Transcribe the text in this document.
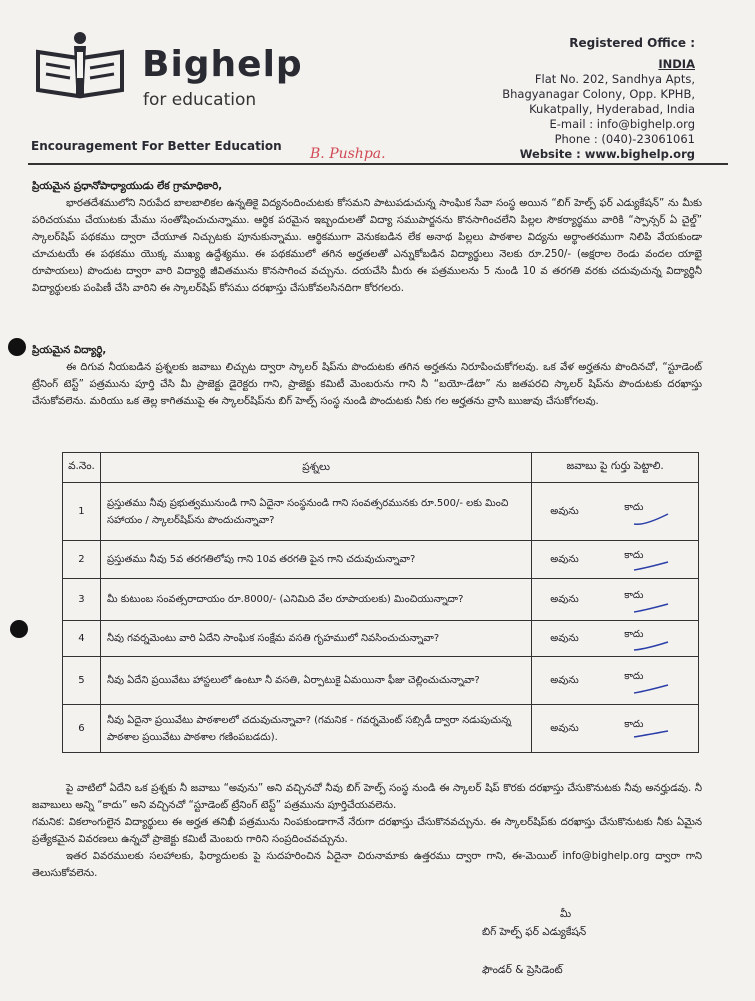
Bighelp
for education
Encouragement For Better Education B. Pushpa.
Registered Office :
INDIA
Flat No. 202, Sandhya Apts,
Bhagyanagar Colony, Opp. KPHB,
Kukatpally, Hyderabad, India
E-mail : info@bighelp.org
Phone : (040)-23061061
Website : www.bighelp.org
ప్రియమైన ప్రధానోపాధ్యాయుడు లేక గ్రామాధికారి,
భారతదేశములోని నిరుపేద బాలబాలికల ఉన్నతికై విద్యనందించుటకు కోసమని పాటుపడుచున్న సాంఘిక సేవా సంస్థ అయిన “బిగ్ హెల్ప్ ఫర్ ఎడ్యుకేషన్” ను మీకు పరిచయము చేయుటకు మేము సంతోషించుచున్నాము. ఆర్థిక పరమైన ఇబ్బందులతో విద్యా సముపార్జనను కొనసాగించలేని పిల్లల సౌకర్యార్థము వారికి “స్పాన్సర్ ఏ చైల్డ్” స్కాలర్‌షిప్ పథకము ద్వారా చేయూత నిచ్చుటకు పూనుకున్నాము. ఆర్థికముగా వెనుకబడిన లేక అనాథ పిల్లలు పాఠశాల విద్యను అర్థాంతరముగా నిలిపి వేయకుండా చూచుటయే ఈ పథకము యొక్క ముఖ్య ఉద్దేశ్యము. ఈ పథకములో తగిన అర్హతలతో ఎన్నుకోబడిన విద్యార్థులు నెలకు రూ.250/- (అక్షరాల రెండు వందల యాభై రూపాయలు) పొందుట ద్వారా వారి విద్యార్థి జీవితమును కొనసాగించ వచ్చును. దయచేసి మీరు ఈ పత్రములను 5 నుండి 10 వ తరగతి వరకు చదువుచున్న విద్యార్థినీ విద్యార్థులకు పంపిణీ చేసి వారిని ఈ స్కాలర్‌షిప్ కోసము దరఖాస్తు చేసుకోవలసినదిగా కోరగలరు.
ప్రియమైన విద్యార్థి,
ఈ దిగువ నీయబడిన ప్రశ్నలకు జవాబు లిచ్చుట ద్వారా స్కాలర్ షిప్‌ను పొందుటకు తగిన అర్హతను నిరూపించుకోగలవు. ఒక వేళ అర్హతను పొందినచో, “స్టూడెంట్ ట్రేనింగ్ టెస్ట్” పత్రమును పూర్తి చేసి మీ ప్రాజెక్టు డైరెక్టరు గాని, ప్రాజెక్టు కమిటీ మెంబరును గాని నీ “బయో-డేటా” ను జతపరచి స్కాలర్ షిప్‌ను పొందుటకు దరఖాస్తు చేసుకోవలెను. మరియు ఒక తెల్ల కాగితముపై ఈ స్కాలర్‌షిప్‌ను బిగ్ హెల్ప్ సంస్థ నుండి పొందుటకు నీకు గల అర్హతను వ్రాసి ఋజువు చేసుకోగలవు.
వ.నెం.	ప్రశ్నలు	జవాబు పై గుర్తు పెట్టాలి.
1	ప్రస్తుతము నీవు ప్రభుత్వమునుండి గాని ఏదైనా సంస్థనుండి గాని సంవత్సరమునకు రూ.500/- లకు మించి సహాయం / స్కాలర్‌షిప్‌ను పొందుచున్నావా?	అవును కాదు

2	ప్రస్తుతము నీవు 5వ తరగతిలోపు గాని 10వ తరగతి పైన గాని చదువుచున్నావా?	అవును కాదు

3	మీ కుటుంబ సంవత్సరాదాయం రూ.8000/- (ఎనిమిది వేల రూపాయలకు) మించియున్నాదా?	అవును కాదు

4	నీవు గవర్నమెంటు వారి ఏదేని సాంఘిక సంక్షేమ వసతి గృహములో నివసించుచున్నావా?	అవును కాదు

5	నీవు ఏదేని ప్రయివేటు హాస్టలులో ఉంటూ నీ వసతి, ఏర్పాటుకై ఏమయినా ఫీజు చెల్లించుచున్నావా?	అవును కాదు

6	నీవు ఏదైనా ప్రయివేటు పాఠశాలలో చదువుచున్నావా? (గమనిక - గవర్నమెంట్ సబ్సిడీ ద్వారా నడుపుచున్న పాఠశాల ప్రయివేటు పాఠశాల గణింపబడదు).	అవును కాదు
పై వాటిలో ఏదేని ఒక ప్రశ్నకు నీ జవాబు “అవును” అని వచ్చినచో నీవు బిగ్ హెల్ప్ సంస్థ నుండి ఈ స్కాలర్ షిప్ కొరకు దరఖాస్తు చేసుకొనుటకు నీవు అనర్హుడవు. నీ జవాబులు అన్ని “కాదు” అని వచ్చినచో “స్టూడెంట్ ట్రేనింగ్ టెస్ట్” పత్రమును పూర్తిచేయవలెను.
గమనిక: వికలాంగులైన విద్యార్థులు ఈ అర్హత తనిఖీ పత్రమును నింపకుండాగానే నేరుగా దరఖాస్తు చేసుకొనవచ్చును. ఈ స్కాలర్‌షిప్‌కు దరఖాస్తు చేసుకొనుటకు నీకు ఏమైన ప్రత్యేకమైన వివరణలు ఉన్నచో ప్రాజెక్టు కమిటీ మెంబరు గారిని సంప్రదించవచ్చును.
ఇతర వివరములకు సలహాలకు, ఫిర్యాదులకు పై సుదహరించిన ఏదైనా చిరునామాకు ఉత్తరము ద్వారా గాని, ఈ-మెయిల్ info@bighelp.org ద్వారా గాని తెలుసుకోవలెను.
మీ
బిగ్ హెల్ప్ ఫర్ ఎడ్యుకేషన్
ఫౌండర్ & ప్రెసిడెంట్
